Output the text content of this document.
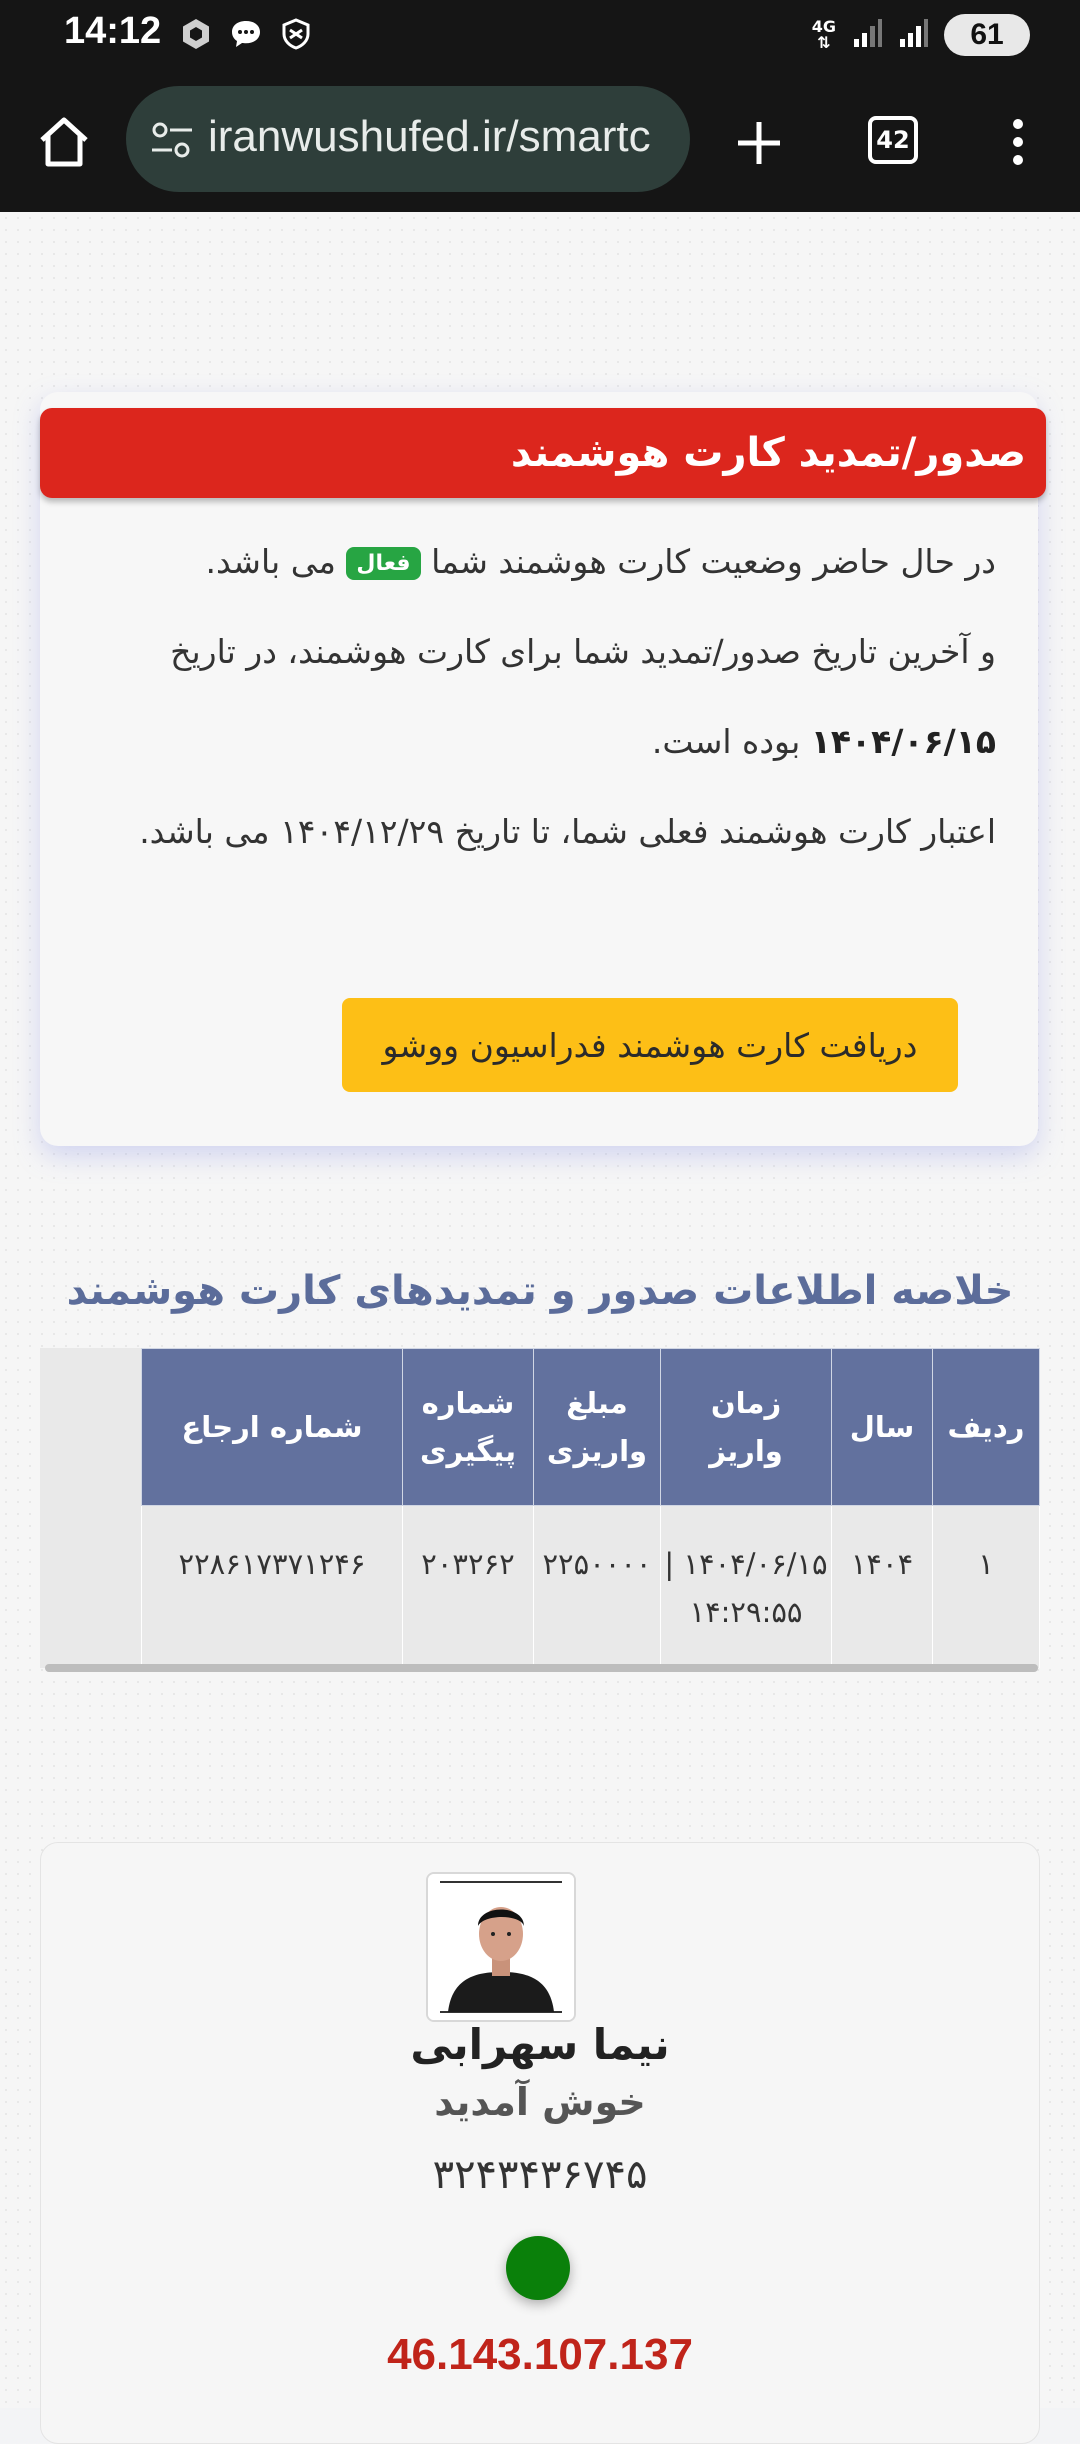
14:12	4G
⇅	61
iranwushufed.ir/smartc	42
صدور/تمدید کارت هوشمند
در حال حاضر وضعیت کارت هوشمند شما فعال می باشد.
و آخرین تاریخ صدور/تمدید شما برای کارت هوشمند، در تاریخ
۱۴۰۴/۰۶/۱۵ بوده است.
اعتبار کارت هوشمند فعلی شما، تا تاریخ ۱۴۰۴/۱۲/۲۹ می باشد.
دریافت کارت هوشمند فدراسیون ووشو
خلاصه اطلاعات صدور و تمدیدهای کارت هوشمند
ردیف	سال	زمان واریز	مبلغ واریزی	شماره پیگیری	شماره ارجاع
۱	۱۴۰۴	۱۴۰۴/۰۶/۱۵ | ۱۴:۲۹:۵۵	۲۲۵۰۰۰۰	۲۰۳۲۶۲	۲۲۸۶۱۷۳۷۱۲۴۶
نیما سهرابی
خوش آمدید
۳۲۴۳۴۳۶۷۴۵
46.143.107.137
